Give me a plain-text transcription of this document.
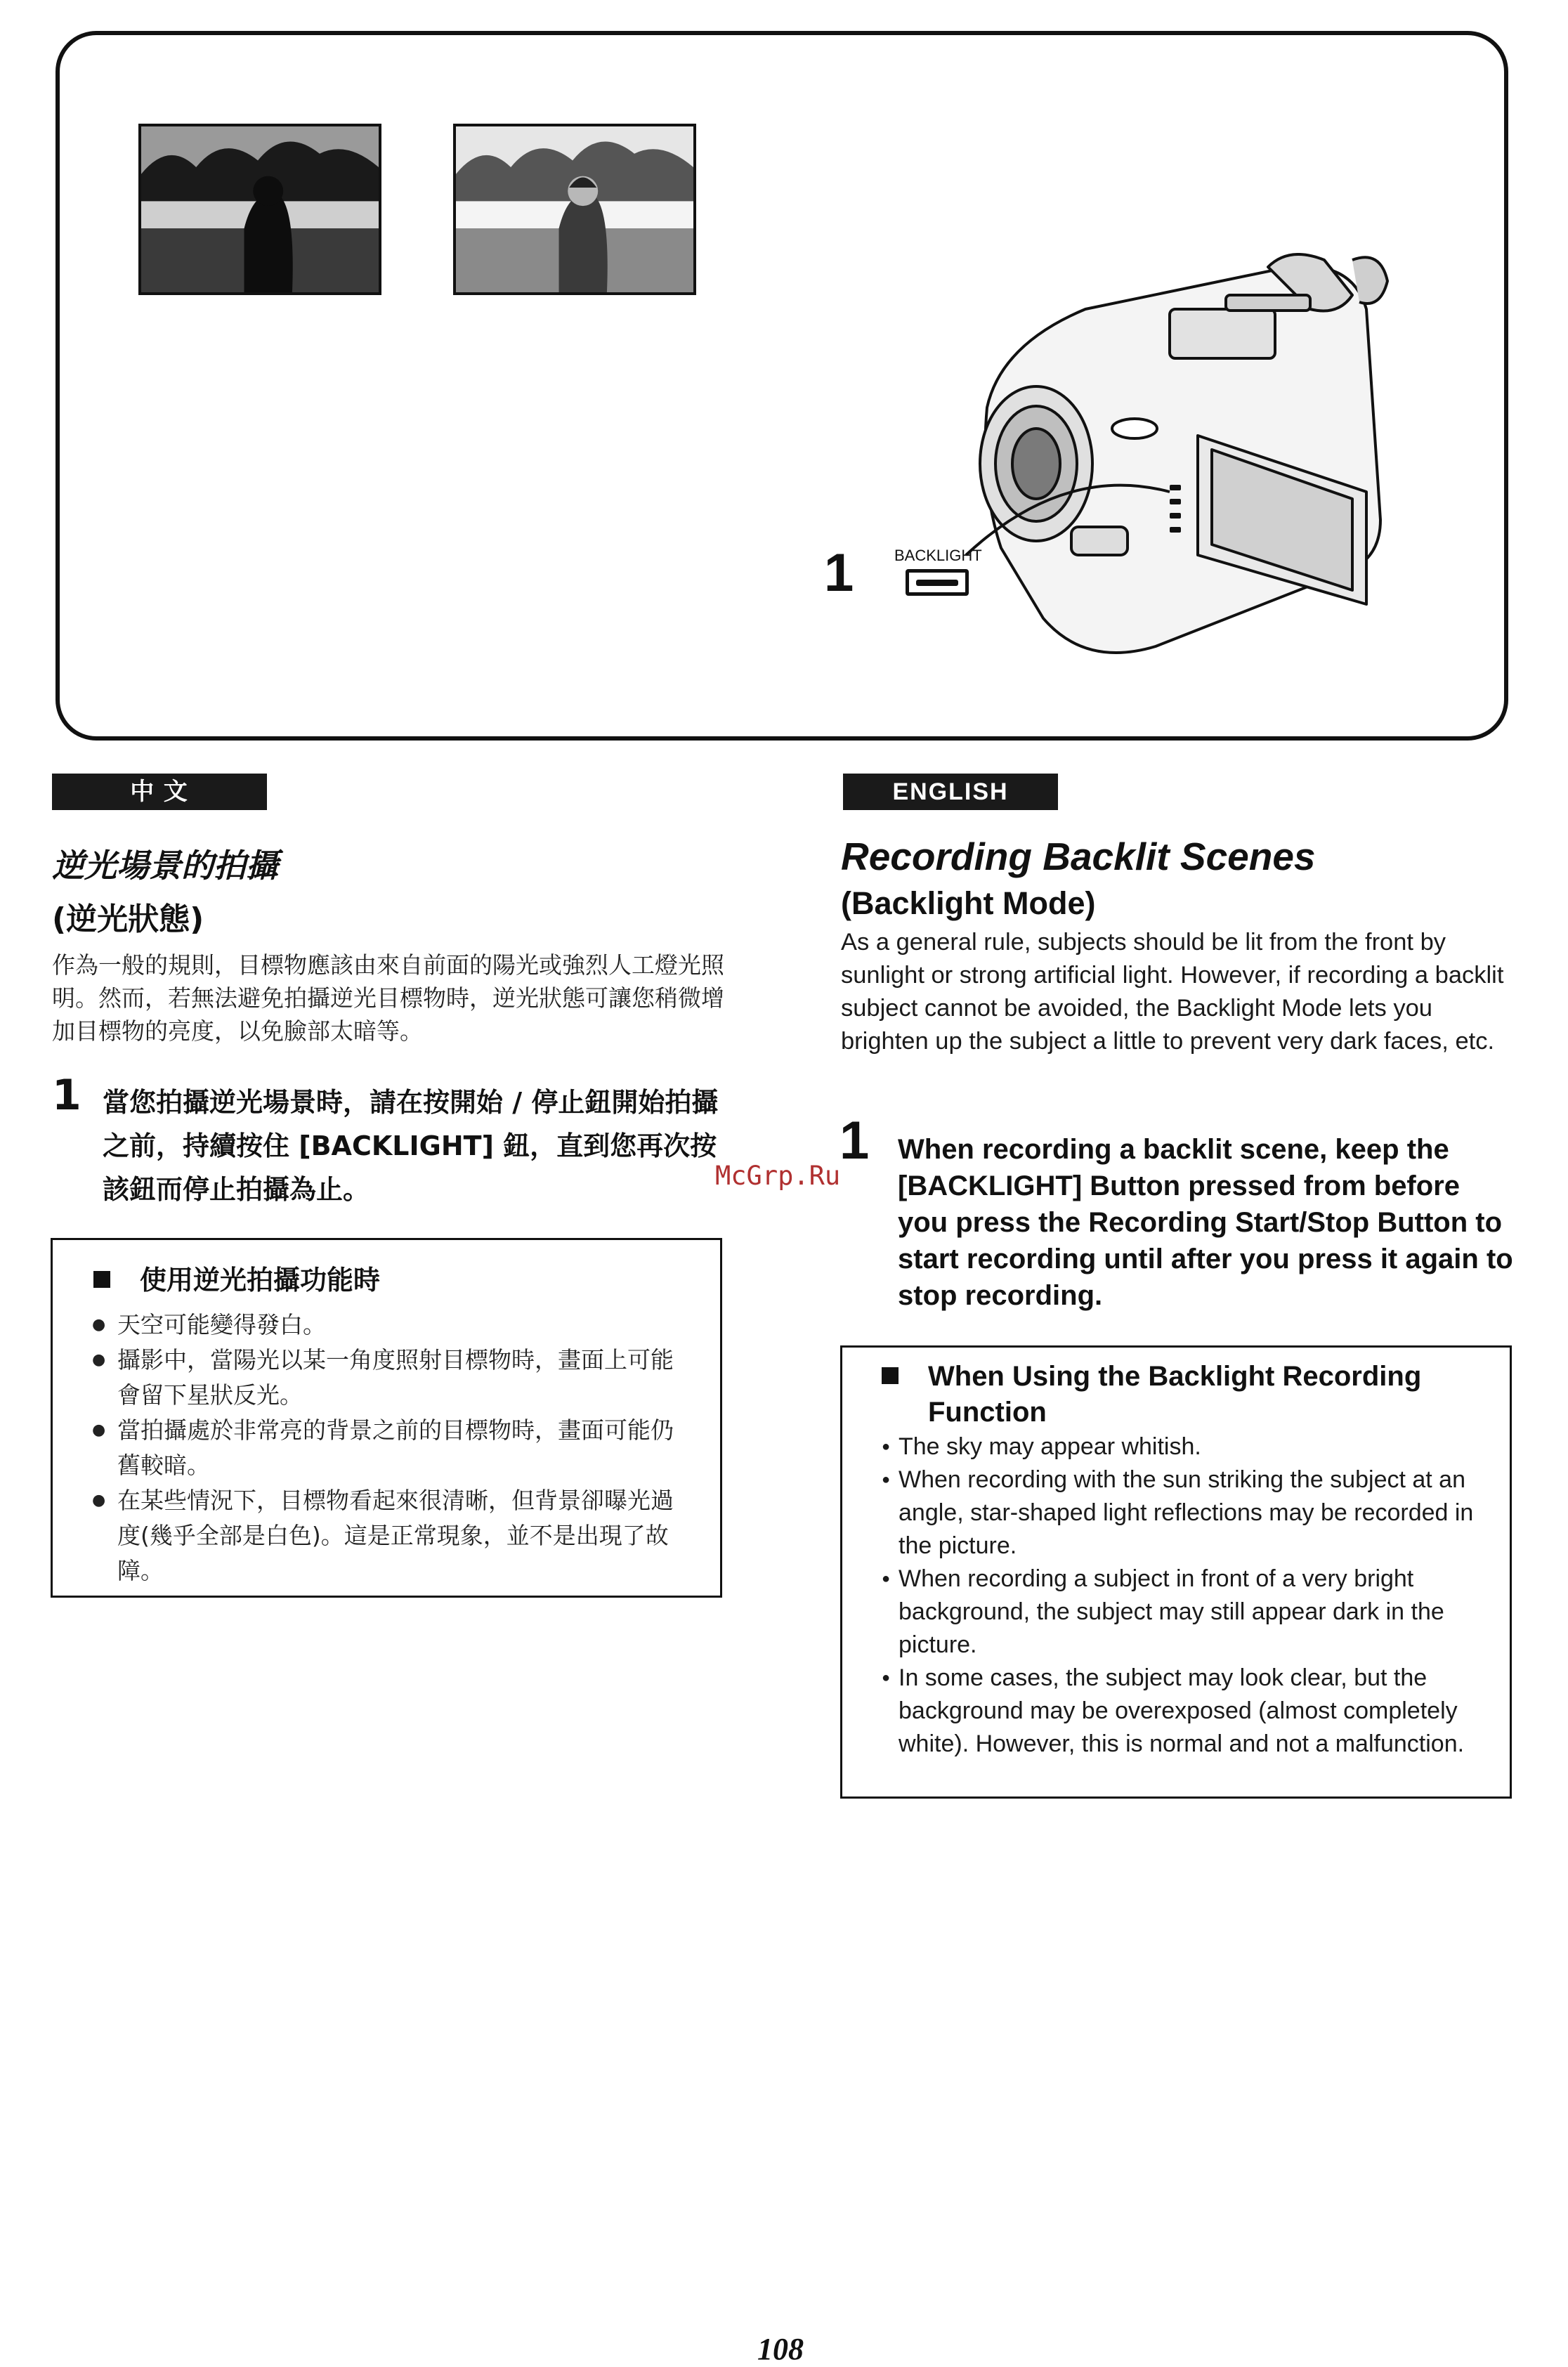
1	BACKLIGHT
中 文	ENGLISH
逆光場景的拍攝
(逆光狀態)
作為一般的規則，目標物應該由來自前面的陽光或強烈人工燈光照明。然而，若無法避免拍攝逆光目標物時，逆光狀態可讓您稍微增加目標物的亮度，以免臉部太暗等。
1 當您拍攝逆光場景時，請在按開始 / 停止鈕開始拍攝之前，持續按住 [BACKLIGHT] 鈕，直到您再次按該鈕而停止拍攝為止。
使用逆光拍攝功能時
● 天空可能變得發白。
● 攝影中，當陽光以某一角度照射目標物時，畫面上可能會留下星狀反光。
● 當拍攝處於非常亮的背景之前的目標物時，畫面可能仍舊較暗。
● 在某些情況下，目標物看起來很清晰，但背景卻曝光過度(幾乎全部是白色)。這是正常現象，並不是出現了故障。
McGrp.Ru
Recording Backlit Scenes
(Backlight Mode)
As a general rule, subjects should be lit from the front by sunlight or strong artificial light. However, if recording a backlit subject cannot be avoided, the Backlight Mode lets you brighten up the subject a little to prevent very dark faces, etc.
1 When recording a backlit scene, keep the [BACKLIGHT] Button pressed from before you press the Recording Start/Stop Button to start recording until after you press it again to stop recording.
When Using the Backlight Recording Function
● The sky may appear whitish.
● When recording with the sun striking the subject at an angle, star-shaped light reflections may be recorded in the picture.
● When recording a subject in front of a very bright background, the subject may still appear dark in the picture.
● In some cases, the subject may look clear, but the background may be overexposed (almost completely white). However, this is normal and not a malfunction.
108
